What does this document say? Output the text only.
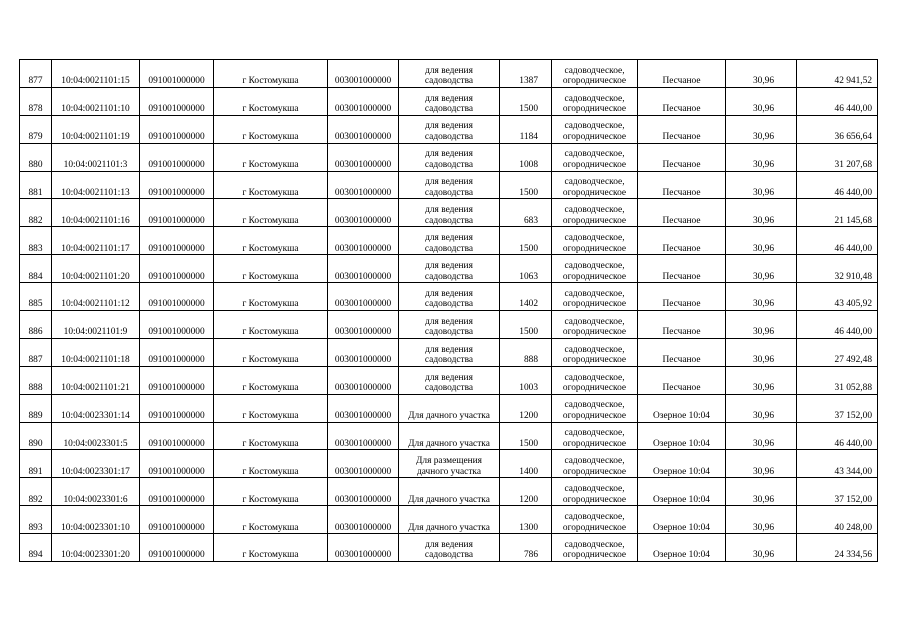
877	10:04:0021101:15	091001000000	г Костомукша	003001000000	для ведения
садоводства	1387	садоводческое,
огородническое	Песчаное	30,96	42 941,52
878	10:04:0021101:10	091001000000	г Костомукша	003001000000	для ведения
садоводства	1500	садоводческое,
огородническое	Песчаное	30,96	46 440,00
879	10:04:0021101:19	091001000000	г Костомукша	003001000000	для ведения
садоводства	1184	садоводческое,
огородническое	Песчаное	30,96	36 656,64
880	10:04:0021101:3	091001000000	г Костомукша	003001000000	для ведения
садоводства	1008	садоводческое,
огородническое	Песчаное	30,96	31 207,68
881	10:04:0021101:13	091001000000	г Костомукша	003001000000	для ведения
садоводства	1500	садоводческое,
огородническое	Песчаное	30,96	46 440,00
882	10:04:0021101:16	091001000000	г Костомукша	003001000000	для ведения
садоводства	683	садоводческое,
огородническое	Песчаное	30,96	21 145,68
883	10:04:0021101:17	091001000000	г Костомукша	003001000000	для ведения
садоводства	1500	садоводческое,
огородническое	Песчаное	30,96	46 440,00
884	10:04:0021101:20	091001000000	г Костомукша	003001000000	для ведения
садоводства	1063	садоводческое,
огородническое	Песчаное	30,96	32 910,48
885	10:04:0021101:12	091001000000	г Костомукша	003001000000	для ведения
садоводства	1402	садоводческое,
огородническое	Песчаное	30,96	43 405,92
886	10:04:0021101:9	091001000000	г Костомукша	003001000000	для ведения
садоводства	1500	садоводческое,
огородническое	Песчаное	30,96	46 440,00
887	10:04:0021101:18	091001000000	г Костомукша	003001000000	для ведения
садоводства	888	садоводческое,
огородническое	Песчаное	30,96	27 492,48
888	10:04:0021101:21	091001000000	г Костомукша	003001000000	для ведения
садоводства	1003	садоводческое,
огородническое	Песчаное	30,96	31 052,88
889	10:04:0023301:14	091001000000	г Костомукша	003001000000	Для дачного участка	1200	садоводческое,
огородническое	Озерное 10:04	30,96	37 152,00
890	10:04:0023301:5	091001000000	г Костомукша	003001000000	Для дачного участка	1500	садоводческое,
огородническое	Озерное 10:04	30,96	46 440,00
891	10:04:0023301:17	091001000000	г Костомукша	003001000000	Для размещения
дачного участка	1400	садоводческое,
огородническое	Озерное 10:04	30,96	43 344,00
892	10:04:0023301:6	091001000000	г Костомукша	003001000000	Для дачного участка	1200	садоводческое,
огородническое	Озерное 10:04	30,96	37 152,00
893	10:04:0023301:10	091001000000	г Костомукша	003001000000	Для дачного участка	1300	садоводческое,
огородническое	Озерное 10:04	30,96	40 248,00
894	10:04:0023301:20	091001000000	г Костомукша	003001000000	для ведения
садоводства	786	садоводческое,
огородническое	Озерное 10:04	30,96	24 334,56
